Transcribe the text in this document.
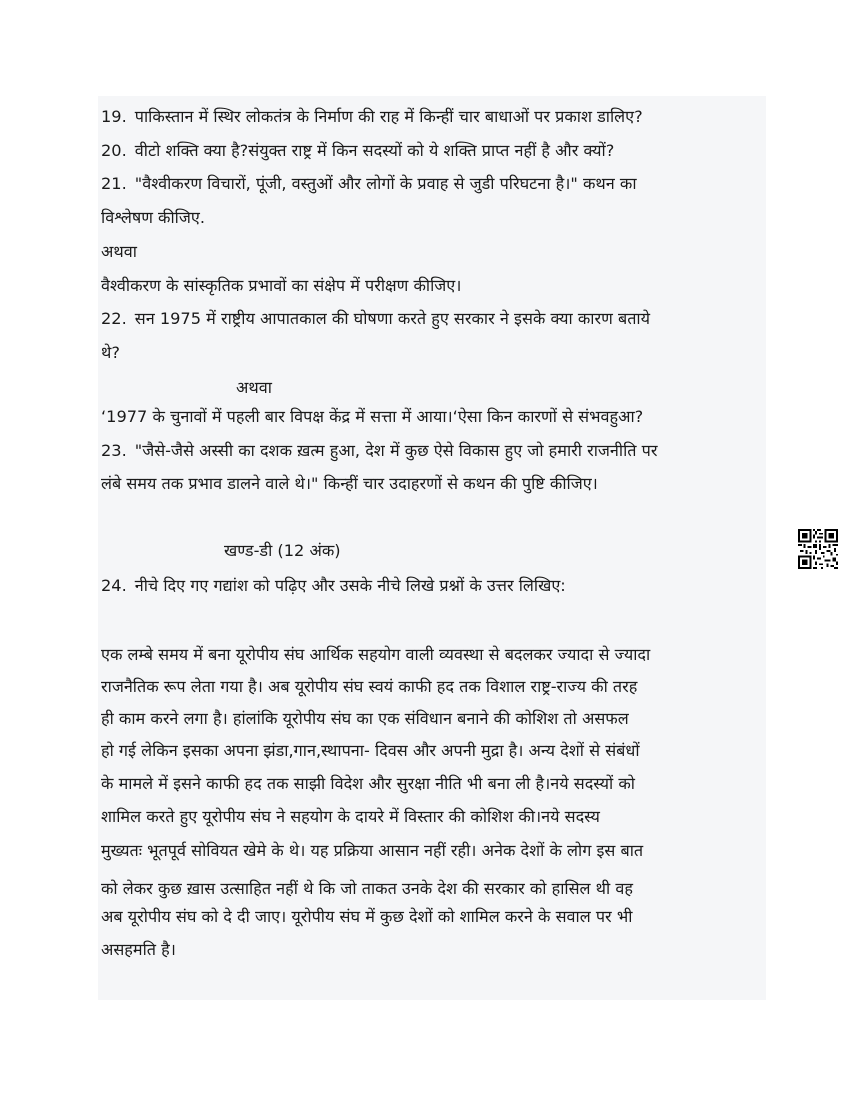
19. पाकिस्तान में स्थिर लोकतंत्र के निर्माण की राह में किन्हीं चार बाधाओं पर प्रकाश डालिए?
20. वीटो शक्ति क्या है?संयुक्त राष्ट्र में किन सदस्यों को ये शक्ति प्राप्त नहीं है और क्यों?
21. "वैश्वीकरण विचारों, पूंजी, वस्तुओं और लोगों के प्रवाह से जुडी परिघटना है।" कथन का
विश्लेषण कीजिए.
अथवा
वैश्वीकरण के सांस्कृतिक प्रभावों का संक्षेप में परीक्षण कीजिए।
22. सन 1975 में राष्ट्रीय आपातकाल की घोषणा करते हुए सरकार ने इसके क्या कारण बताये
थे?
अथवा
‘1977 के चुनावों में पहली बार विपक्ष केंद्र में सत्ता में आया।‘ऐसा किन कारणों से संभवहुआ?
23. "जैसे-जैसे अस्सी का दशक ख़त्म हुआ, देश में कुछ ऐसे विकास हुए जो हमारी राजनीति पर
लंबे समय तक प्रभाव डालने वाले थे।" किन्हीं चार उदाहरणों से कथन की पुष्टि कीजिए।
खण्ड-डी (12 अंक)
24. नीचे दिए गए गद्यांश को पढ़िए और उसके नीचे लिखे प्रश्नों के उत्तर लिखिए:
एक लम्बे समय में बना यूरोपीय संघ आर्थिक सहयोग वाली व्यवस्था से बदलकर ज्यादा से ज्यादा
राजनैतिक रूप लेता गया है। अब यूरोपीय संघ स्वयं काफी हद तक विशाल राष्ट्र-राज्य की तरह
ही काम करने लगा है। हांलांकि यूरोपीय संघ का एक संविधान बनाने की कोशिश तो असफल
हो गई लेकिन इसका अपना झंडा,गान,स्थापना- दिवस और अपनी मुद्रा है। अन्य देशों से संबंधों
के मामले में इसने काफी हद तक साझी विदेश और सुरक्षा नीति भी बना ली है।नये सदस्यों को
शामिल करते हुए यूरोपीय संघ ने सहयोग के दायरे में विस्तार की कोशिश की।नये सदस्य
मुख्यतः भूतपूर्व सोवियत खेमे के थे। यह प्रक्रिया आसान नहीं रही। अनेक देशों के लोग इस बात
को लेकर कुछ ख़ास उत्साहित नहीं थे कि जो ताकत उनके देश की सरकार को हासिल थी वह
अब यूरोपीय संघ को दे दी जाए। यूरोपीय संघ में कुछ देशों को शामिल करने के सवाल पर भी
असहमति है।
